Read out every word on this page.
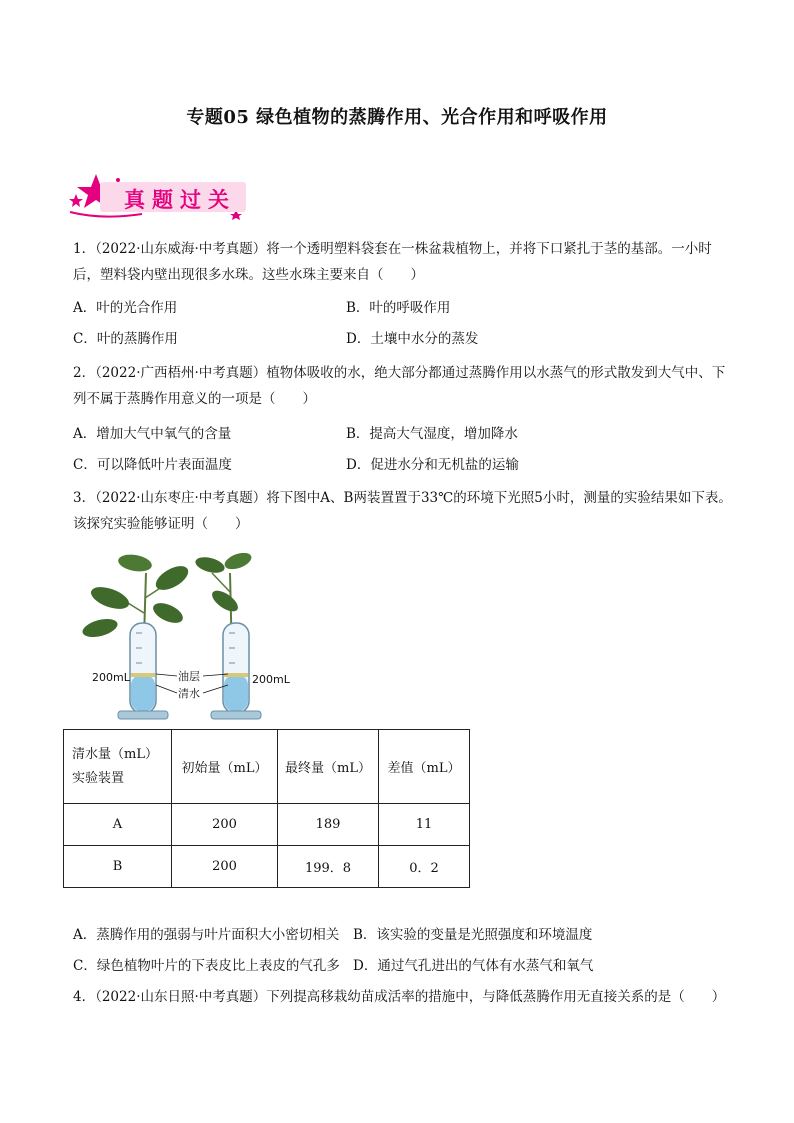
专题05 绿色植物的蒸腾作用、光合作用和呼吸作用
真题过关
1．（2022·山东威海·中考真题）将一个透明塑料袋套在一株盆栽植物上，并将下口紧扎于茎的基部。一小时后，塑料袋内壁出现很多水珠。这些水珠主要来自（　　）
A．叶的光合作用	B．叶的呼吸作用
C．叶的蒸腾作用	D．土壤中水分的蒸发
2．（2022·广西梧州·中考真题）植物体吸收的水，绝大部分都通过蒸腾作用以水蒸气的形式散发到大气中、下列不属于蒸腾作用意义的一项是（　　）
A．增加大气中氧气的含量	B．提高大气湿度，增加降水
C．可以降低叶片表面温度	D．促进水分和无机盐的运输
3．（2022·山东枣庄·中考真题）将下图中A、B两装置置于33℃的环境下光照5小时，测量的实验结果如下表。该探究实验能够证明（　　）
200mL	200mL
油层
清水
清水量（mL）
实验装置	初始量（mL）	最终量（mL）	差值（mL）
A	200	189	11
B	200	199．8	0．2
A．蒸腾作用的强弱与叶片面积大小密切相关 B．该实验的变量是光照强度和环境温度
C．绿色植物叶片的下表皮比上表皮的气孔多 D．通过气孔进出的气体有水蒸气和氧气
4．（2022·山东日照·中考真题）下列提高移栽幼苗成活率的措施中，与降低蒸腾作用无直接关系的是（　　）
